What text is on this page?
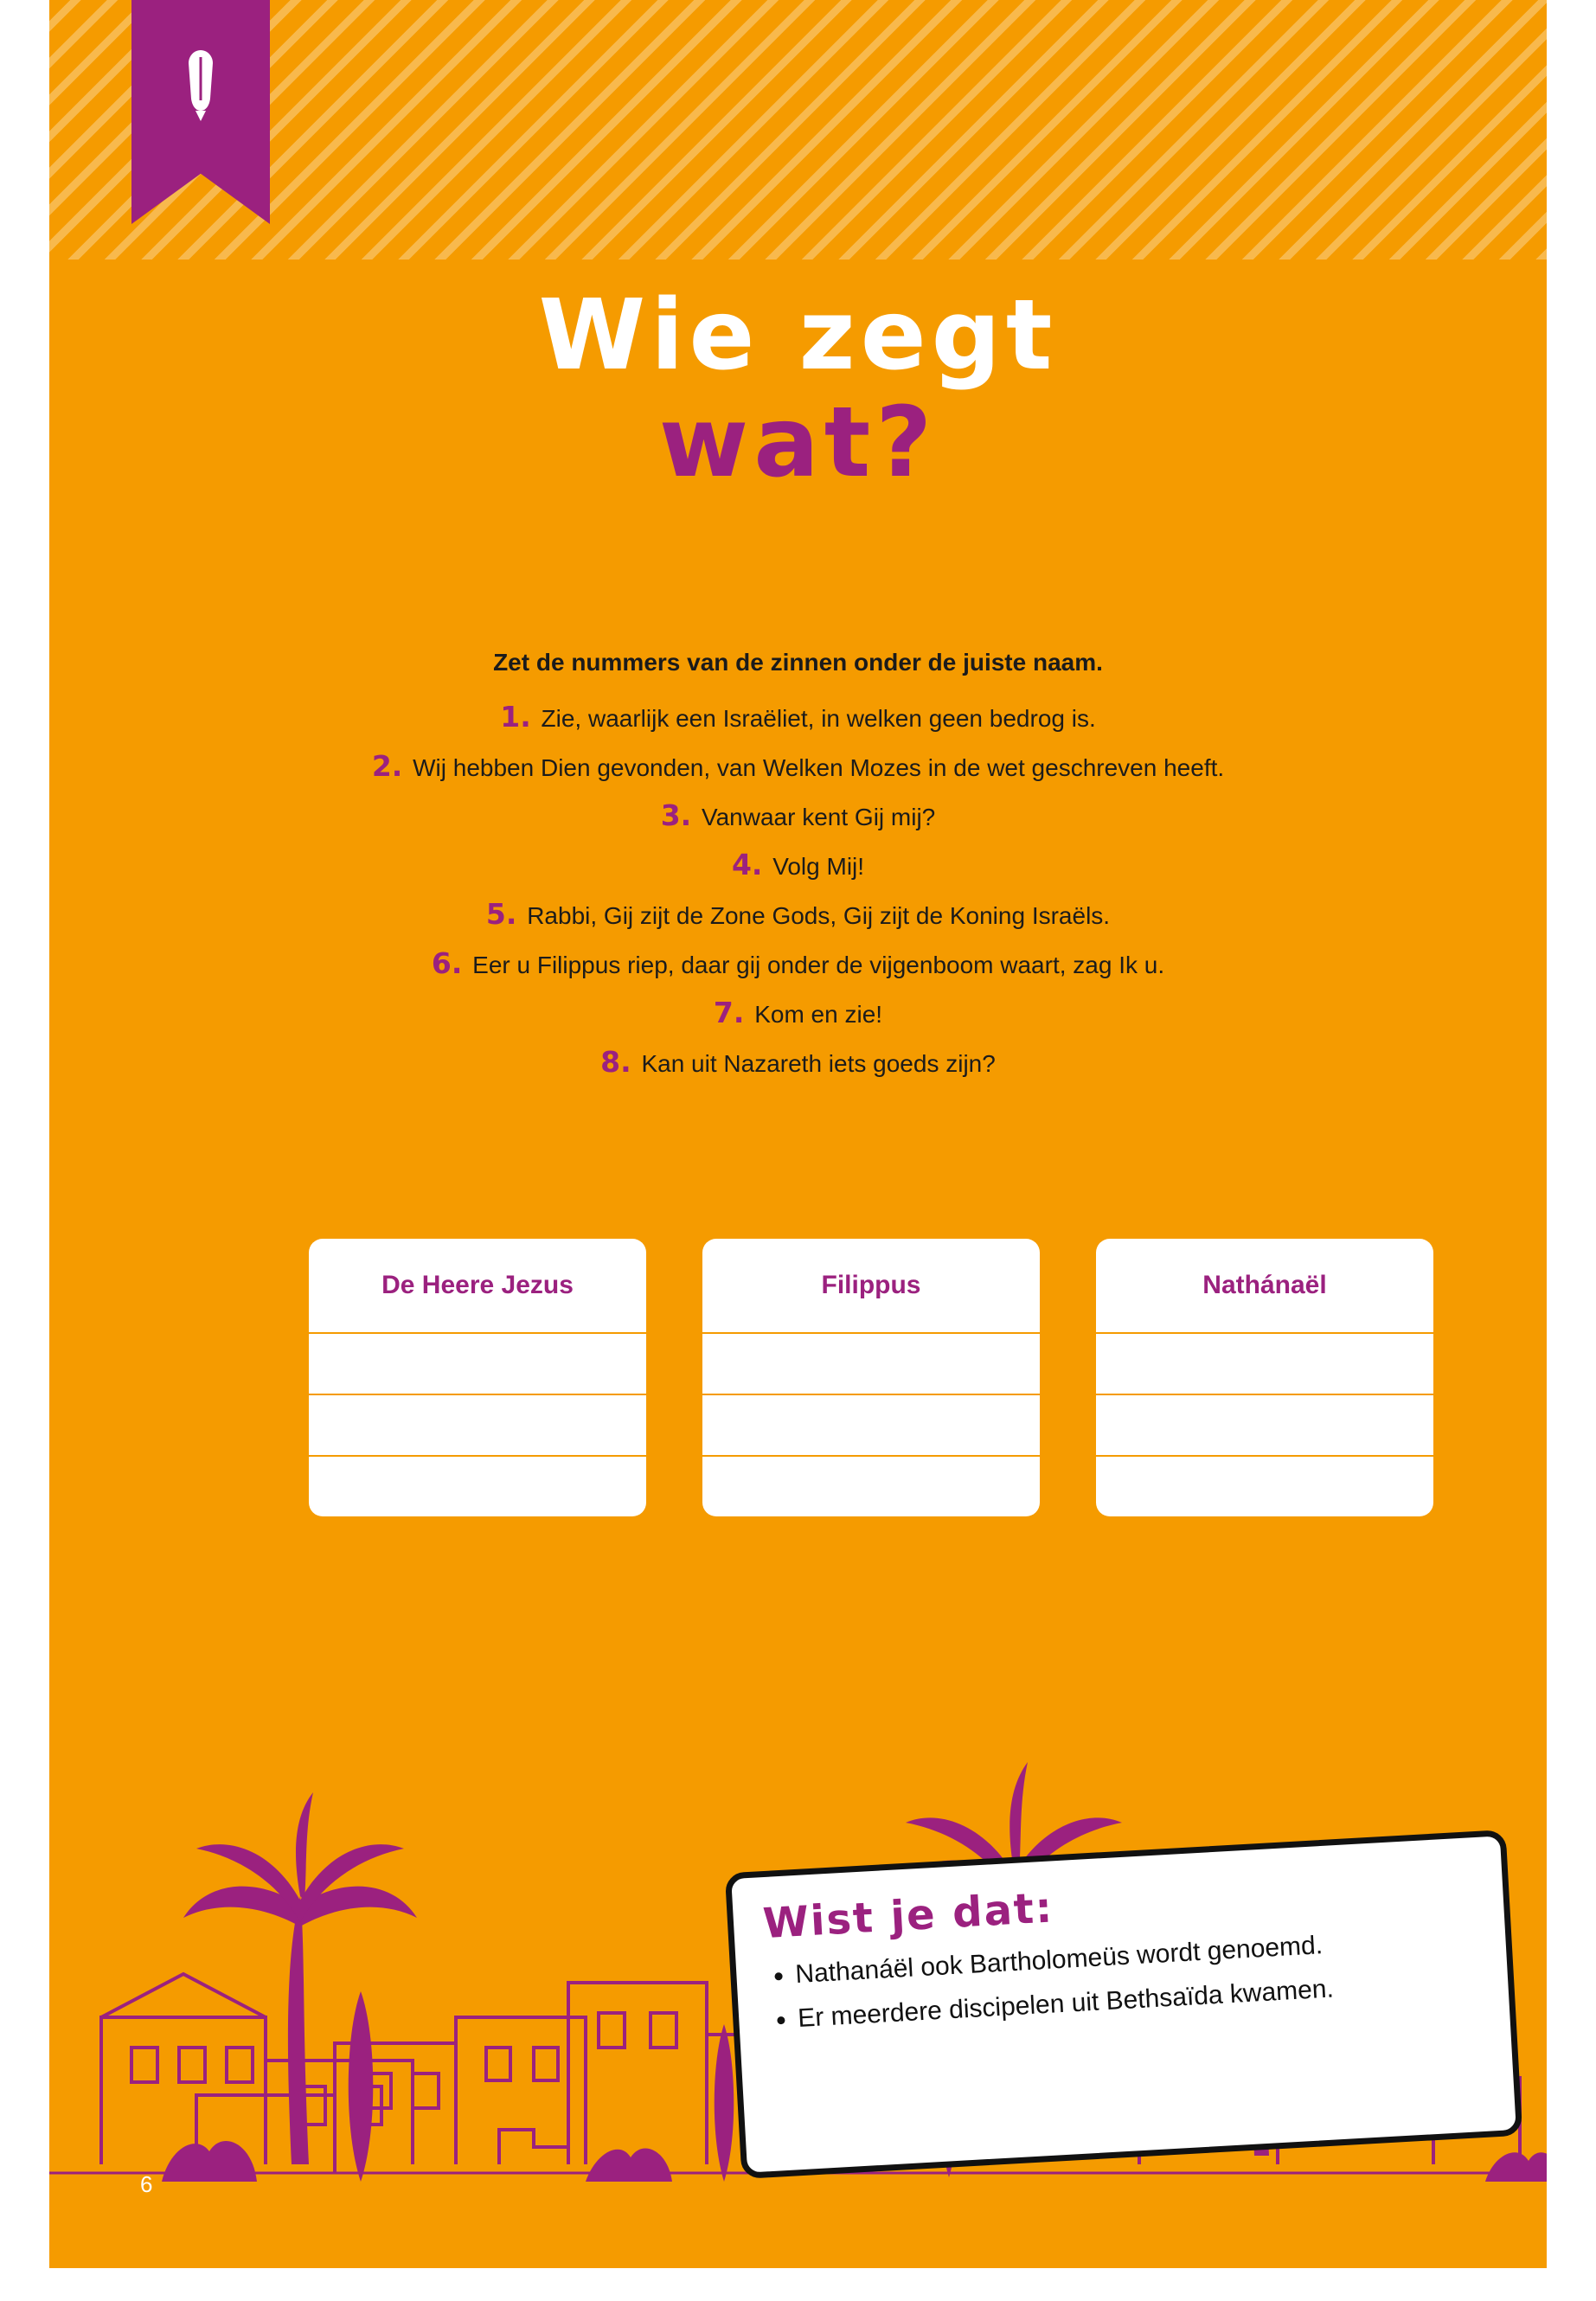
Wie zegt
wat?
Zet de nummers van de zinnen onder de juiste naam.
1. Zie, waarlijk een Israëliet, in welken geen bedrog is.
2. Wij hebben Dien gevonden, van Welken Mozes in de wet geschreven heeft.
3. Vanwaar kent Gij mij?
4. Volg Mij!
5. Rabbi, Gij zijt de Zone Gods, Gij zijt de Koning Israëls.
6. Eer u Filippus riep, daar gij onder de vijgenboom waart, zag Ik u.
7. Kom en zie!
8. Kan uit Nazareth iets goeds zijn?
De Heere Jezus	Filippus	Nathánaël
Wist je dat:
• Nathanáël ook Bartholomeüs wordt genoemd.
• Er meerdere discipelen uit Bethsaïda kwamen.
6
